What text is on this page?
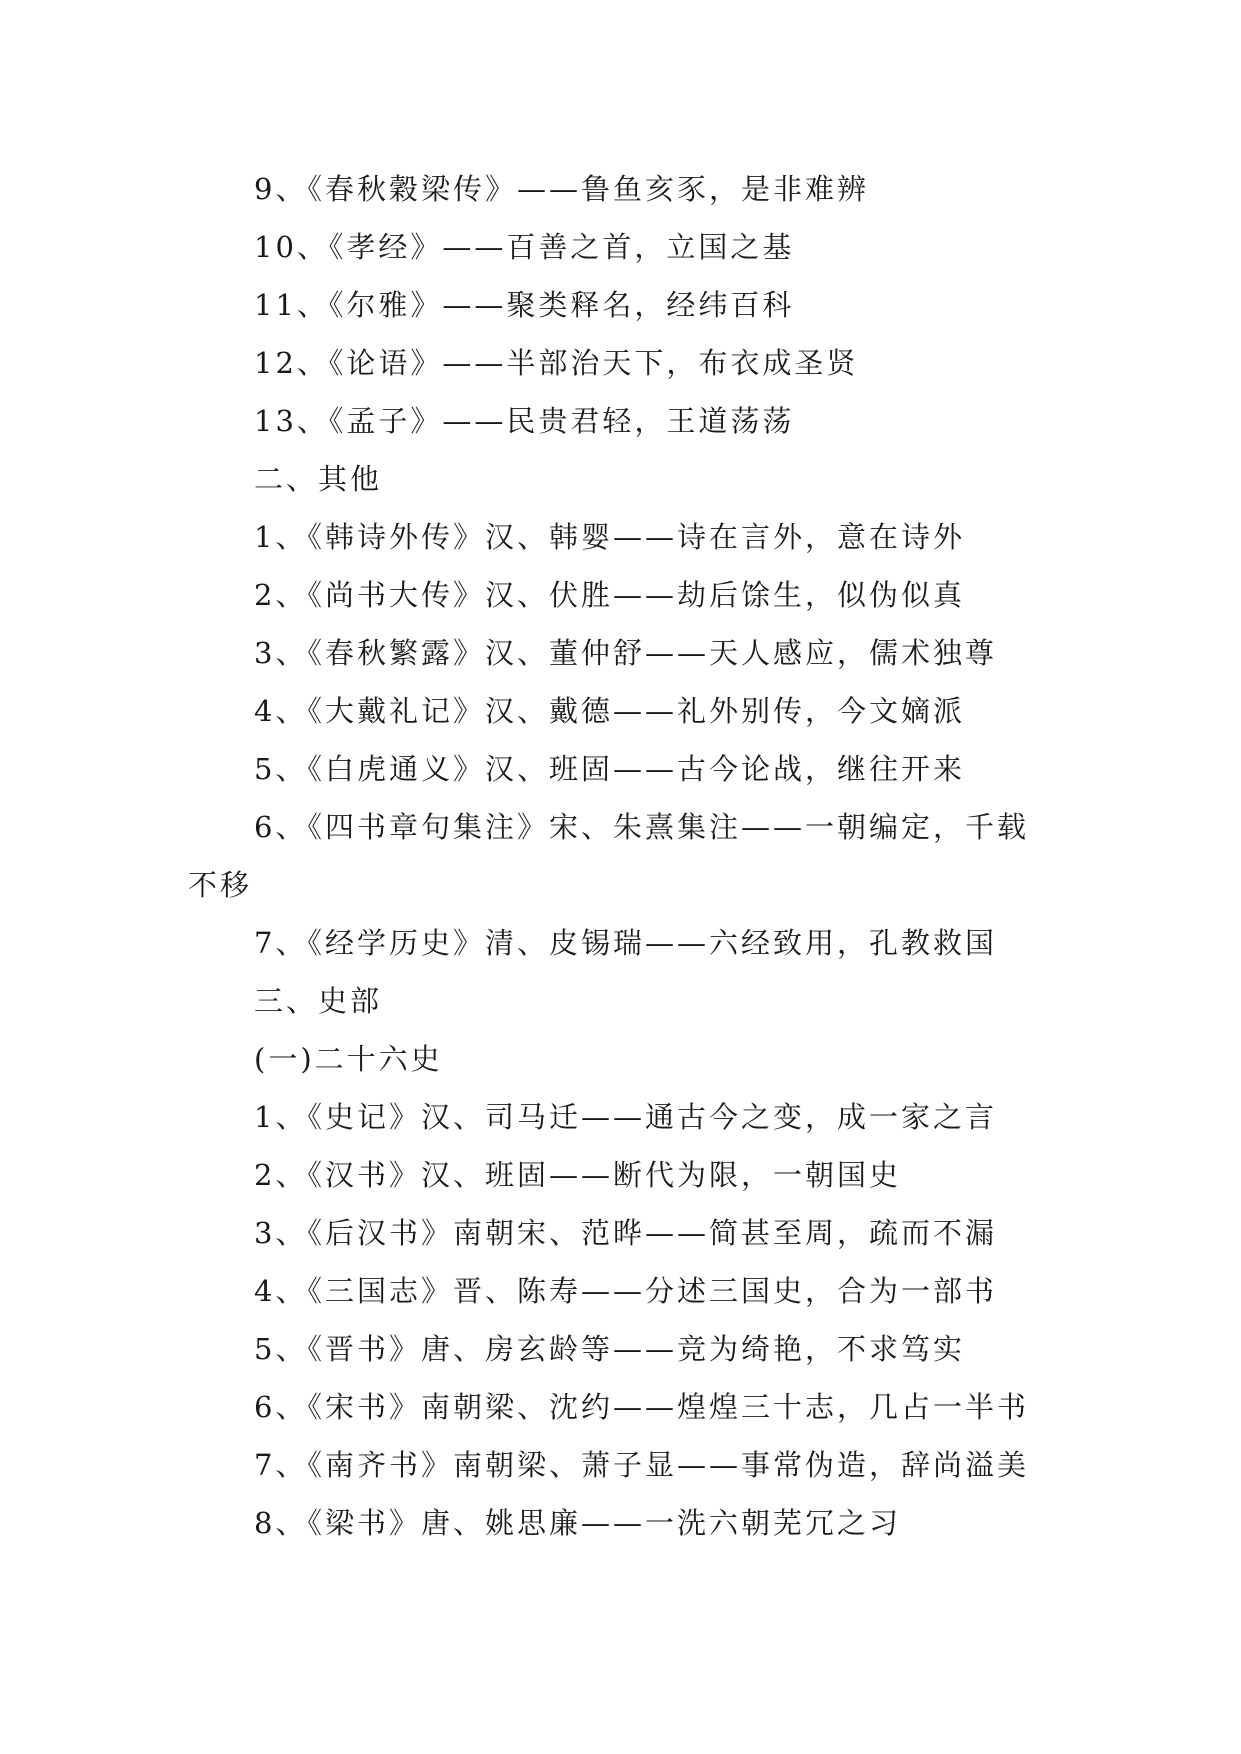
9、《春秋穀梁传》——鲁鱼亥豕，是非难辨
10、《孝经》——百善之首，立国之基
11、《尔雅》——聚类释名，经纬百科
12、《论语》——半部治天下，布衣成圣贤
13、《孟子》——民贵君轻，王道荡荡
二、其他
1、《韩诗外传》汉、韩婴——诗在言外，意在诗外
2、《尚书大传》汉、伏胜——劫后馀生，似伪似真
3、《春秋繁露》汉、董仲舒——天人感应，儒术独尊
4、《大戴礼记》汉、戴德——礼外别传，今文嫡派
5、《白虎通义》汉、班固——古今论战，继往开来
6、《四书章句集注》宋、朱熹集注——一朝编定，千载
不移
7、《经学历史》清、皮锡瑞——六经致用，孔教救国
三、史部
(一)二十六史
1、《史记》汉、司马迁——通古今之变，成一家之言
2、《汉书》汉、班固——断代为限，一朝国史
3、《后汉书》南朝宋、范晔——简甚至周，疏而不漏
4、《三国志》晋、陈寿——分述三国史，合为一部书
5、《晋书》唐、房玄龄等——竞为绮艳，不求笃实
6、《宋书》南朝梁、沈约——煌煌三十志，几占一半书
7、《南齐书》南朝梁、萧子显——事常伪造，辞尚溢美
8、《梁书》唐、姚思廉——一洗六朝芜冗之习
